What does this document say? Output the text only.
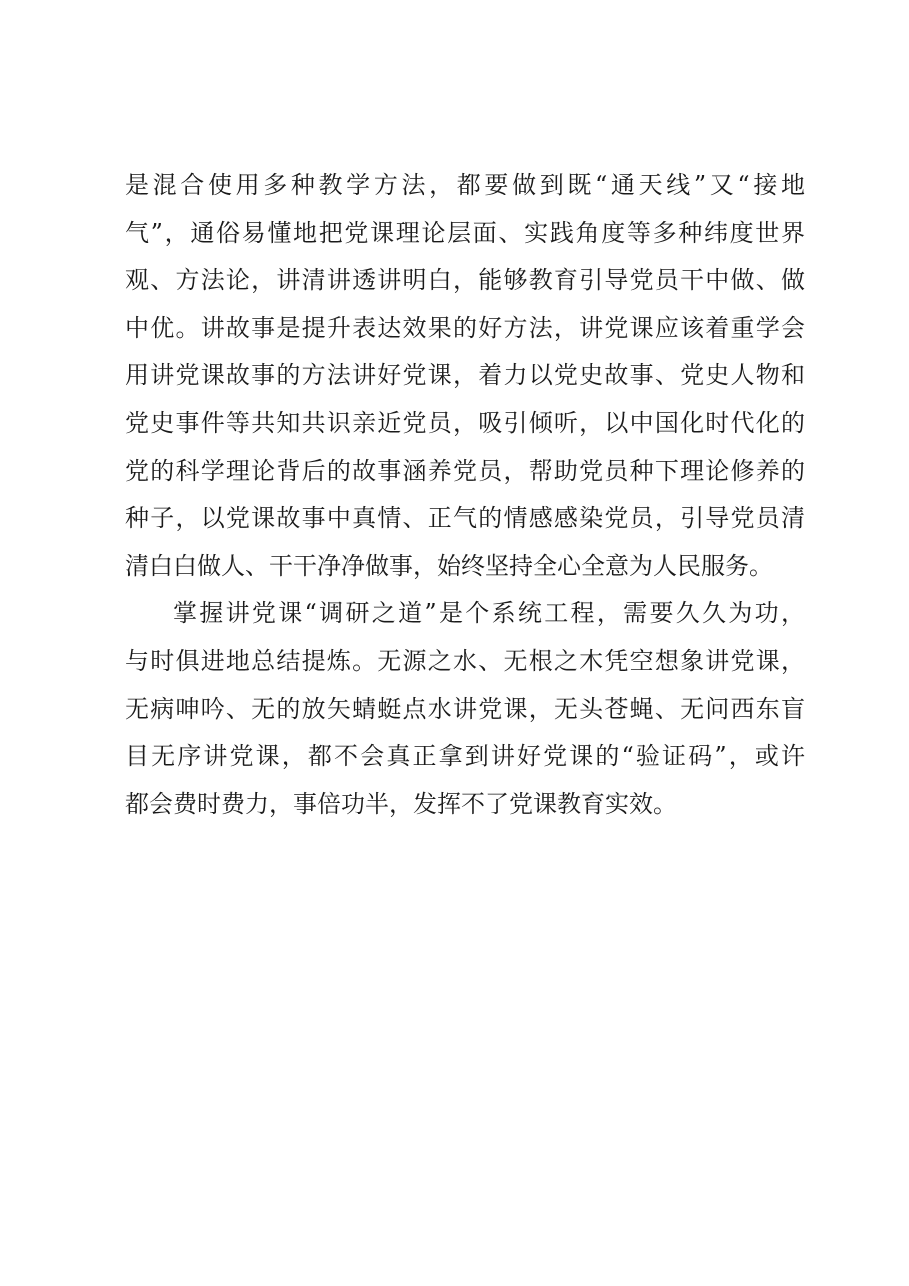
是混合使用多种教学方法，都要做到既“通天线”又“接地
气”，通俗易懂地把党课理论层面、实践角度等多种纬度世界
观、方法论，讲清讲透讲明白，能够教育引导党员干中做、做
中优。讲故事是提升表达效果的好方法，讲党课应该着重学会
用讲党课故事的方法讲好党课，着力以党史故事、党史人物和
党史事件等共知共识亲近党员，吸引倾听，以中国化时代化的
党的科学理论背后的故事涵养党员，帮助党员种下理论修养的
种子，以党课故事中真情、正气的情感感染党员，引导党员清
清白白做人、干干净净做事，始终坚持全心全意为人民服务。
掌握讲党课“调研之道”是个系统工程，需要久久为功，
与时俱进地总结提炼。无源之水、无根之木凭空想象讲党课，
无病呻吟、无的放矢蜻蜓点水讲党课，无头苍蝇、无问西东盲
目无序讲党课，都不会真正拿到讲好党课的“验证码”，或许
都会费时费力，事倍功半，发挥不了党课教育实效。
